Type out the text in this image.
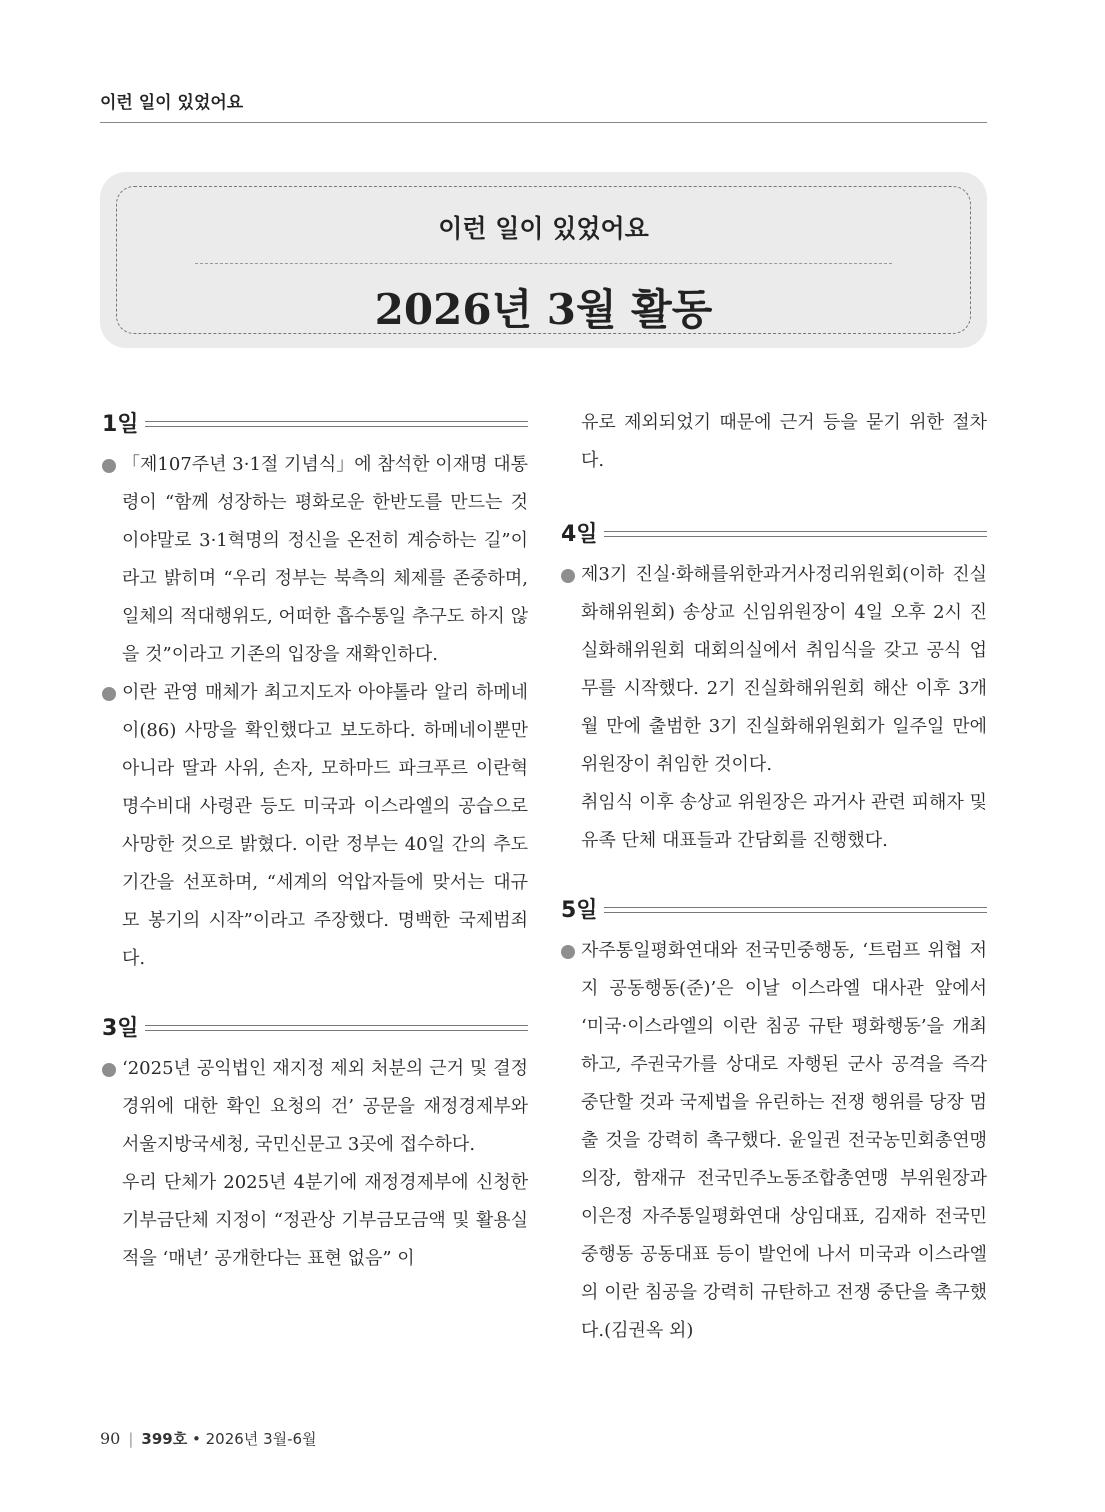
이런 일이 있었어요
이런 일이 있었어요
2026년 3월 활동
1일

「제107주년 3·1절 기념식」에 참석한 이재명 대통령이 “함께 성장하는 평화로운 한반도를 만드는 것이야말로 3·1혁명의 정신을 온전히 계승하는 길”이라고 밝히며 “우리 정부는 북측의 체제를 존중하며, 일체의 적대행위도, 어떠한 흡수통일 추구도 하지 않을 것”이라고 기존의 입장을 재확인하다.

이란 관영 매체가 최고지도자 아야톨라 알리 하메네이(86) 사망을 확인했다고 보도하다. 하메네이뿐만 아니라 딸과 사위, 손자, 모하마드 파크푸르 이란혁명수비대 사령관 등도 미국과 이스라엘의 공습으로 사망한 것으로 밝혔다. 이란 정부는 40일 간의 추도 기간을 선포하며, “세계의 억압자들에 맞서는 대규모 봉기의 시작”이라고 주장했다. 명백한 국제범죄다.

3일

‘2025년 공익법인 재지정 제외 처분의 근거 및 결정 경위에 대한 확인 요청의 건’ 공문을 재정경제부와 서울지방국세청, 국민신문고 3곳에 접수하다.

우리 단체가 2025년 4분기에 재정경제부에 신청한 기부금단체 지정이 “정관상 기부금모금액 및 활용실적을 ‘매년’ 공개한다는 표현 없음” 이

유로 제외되었기 때문에 근거 등을 묻기 위한 절차다.

4일

제3기 진실·화해를위한과거사정리위원회(이하 진실화해위원회) 송상교 신임위원장이 4일 오후 2시 진실화해위원회 대회의실에서 취임식을 갖고 공식 업무를 시작했다. 2기 진실화해위원회 해산 이후 3개월 만에 출범한 3기 진실화해위원회가 일주일 만에 위원장이 취임한 것이다.

취임식 이후 송상교 위원장은 과거사 관련 피해자 및 유족 단체 대표들과 간담회를 진행했다.

5일

자주통일평화연대와 전국민중행동, ‘트럼프 위협 저지 공동행동(준)’은 이날 이스라엘 대사관 앞에서 ‘미국·이스라엘의 이란 침공 규탄 평화행동’을 개최하고, 주권국가를 상대로 자행된 군사 공격을 즉각 중단할 것과 국제법을 유린하는 전쟁 행위를 당장 멈출 것을 강력히 촉구했다. 윤일권 전국농민회총연맹 의장, 함재규 전국민주노동조합총연맹 부위원장과 이은정 자주통일평화연대 상임대표, 김재하 전국민중행동 공동대표 등이 발언에 나서 미국과 이스라엘의 이란 침공을 강력히 규탄하고 전쟁 중단을 촉구했다.(김권옥 외)

90 | 399호 • 2026년 3월-6월
